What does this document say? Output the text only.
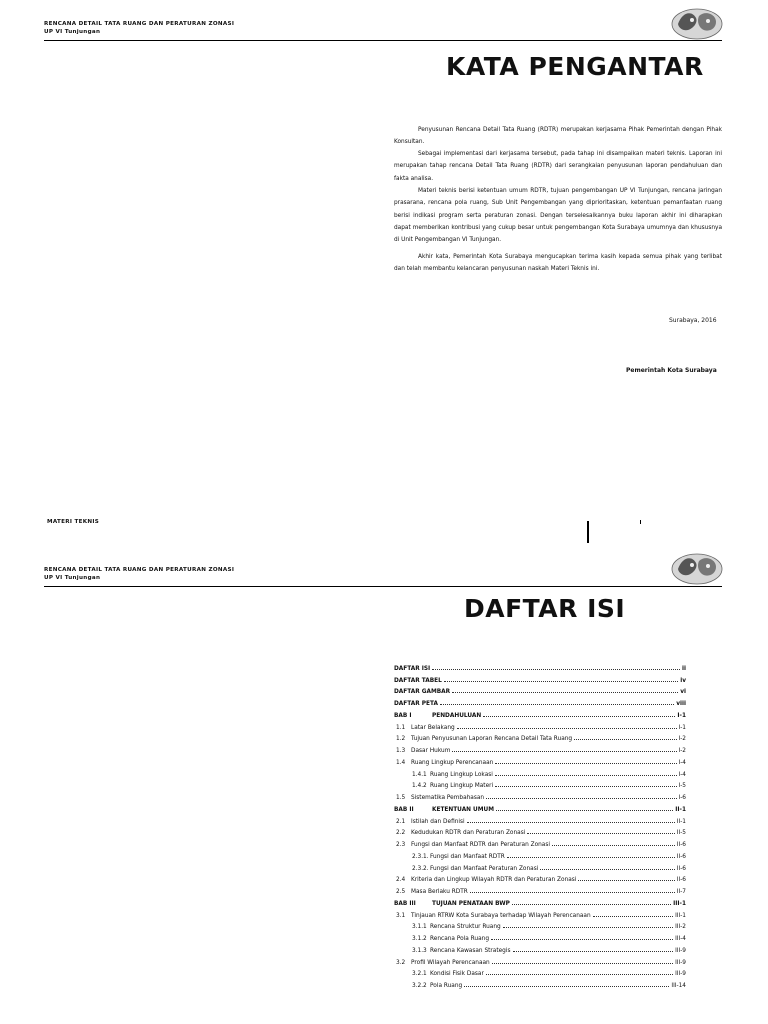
RENCANA DETAIL TATA RUANG DAN PERATURAN ZONASI
UP VI Tunjungan
KATA PENGANTAR

Penyusunan Rencana Detail Tata Ruang (RDTR) merupakan kerjasama Pihak Pemerintah dengan Pihak Konsultan.

Sebagai implementasi dari kerjasama tersebut, pada tahap ini disampaikan materi teknis. Laporan ini merupakan tahap rencana Detail Tata Ruang (RDTR) dari serangkaian penyusunan laporan pendahuluan dan fakta analisa.

Materi teknis berisi ketentuan umum RDTR, tujuan pengembangan UP VI Tunjungan, rencana jaringan prasarana, rencana pola ruang, Sub Unit Pengembangan yang diprioritaskan, ketentuan pemanfaatan ruang berisi indikasi program serta peraturan zonasi. Dengan terselesaikannya buku laporan akhir ini diharapkan dapat memberikan kontribusi yang cukup besar untuk pengembangan Kota Surabaya umumnya dan khususnya di Unit Pengembangan VI Tunjungan.

Akhir kata, Pemerintah Kota Surabaya mengucapkan terima kasih kepada semua pihak yang terlibat dan telah membantu kelancaran penyusunan naskah Materi Teknis ini.

Surabaya, 2016
Pemerintah Kota Surabaya
MATERI TEKNIS
RENCANA DETAIL TATA RUANG DAN PERATURAN ZONASI
UP VI Tunjungan
DAFTAR ISI
DAFTAR ISI	ii
DAFTAR TABEL	iv
DAFTAR GAMBAR	vi
DAFTAR PETA	viii
BAB I	PENDAHULUAN	I-1
1.1 Latar Belakang	I-1
1.2 Tujuan Penyusunan Laporan Rencana Detail Tata Ruang	I-2
1.3 Dasar Hukum	I-2
1.4 Ruang Lingkup Perencanaan	I-4
1.4.1 Ruang Lingkup Lokasi	I-4
1.4.2 Ruang Lingkup Materi	I-5
1.5 Sistematika Pembahasan	I-6
BAB II	KETENTUAN UMUM	II-1
2.1 Istilah dan Definisi	II-1
2.2 Kedudukan RDTR dan Peraturan Zonasi	II-5
2.3 Fungsi dan Manfaat RDTR dan Peraturan Zonasi	II-6
2.3.1. Fungsi dan Manfaat RDTR	II-6
2.3.2. Fungsi dan Manfaat Peraturan Zonasi	II-6
2.4 Kriteria dan Lingkup Wilayah RDTR dan Peraturan Zonasi	II-6
2.5 Masa Berlaku RDTR	II-7
BAB III	TUJUAN PENATAAN BWP	III-1
3.1 Tinjauan RTRW Kota Surabaya terhadap Wilayah Perencanaan	III-1
3.1.1 Rencana Struktur Ruang	III-2
3.1.2 Rencana Pola Ruang	III-4
3.1.3 Rencana Kawasan Strategis	III-9
3.2 Profil Wilayah Perencanaan	III-9
3.2.1 Kondisi Fisik Dasar	III-9
3.2.2 Pola Ruang	III-14
